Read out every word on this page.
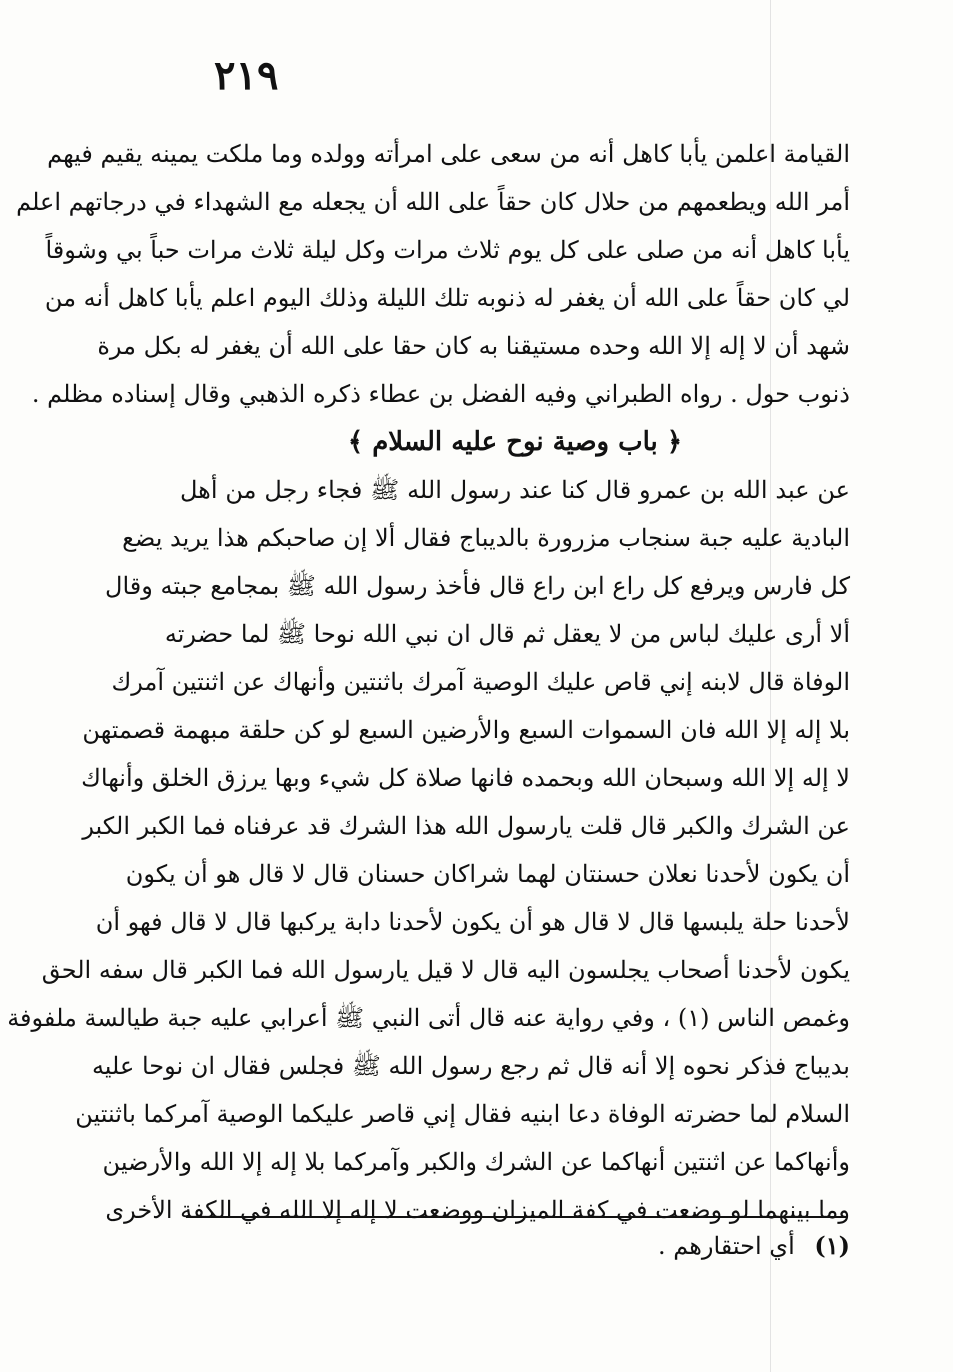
٢١٩
القيامة اعلمن يأبا كاهل أنه من سعى على امرأته وولده وما ملكت يمينه يقيم فيهم
أمر الله ويطعمهم من حلال كان حقاً على الله أن يجعله مع الشهداء في درجاتهم اعلم
يأبا كاهل أنه من صلى على كل يوم ثلاث مرات وكل ليلة ثلاث مرات حباً بي وشوقاً
لي كان حقاً على الله أن يغفر له ذنوبه تلك الليلة وذلك اليوم اعلم يأبا كاهل أنه من
شهد أن لا إله إلا الله وحده مستيقنا به كان حقا على الله أن يغفر له بكل مرة
ذنوب حول . رواه الطبراني وفيه الفضل بن عطاء ذكره الذهبي وقال إسناده مظلم .
﴿ باب وصية نوح عليه السلام ﴾
عن عبد الله بن عمرو قال كنا عند رسول الله ﷺ فجاء رجل من أهل
البادية عليه جبة سنجاب مزرورة بالديباج فقال ألا إن صاحبكم هذا يريد يضع
كل فارس ويرفع كل راع ابن راع قال فأخذ رسول الله ﷺ بمجامع جبته وقال
ألا أرى عليك لباس من لا يعقل ثم قال ان نبي الله نوحا ﷺ لما حضرته
الوفاة قال لابنه إني قاص عليك الوصية آمرك باثنتين وأنهاك عن اثنتين آمرك
بلا إله إلا الله فان السموات السبع والأرضين السبع لو كن حلقة مبهمة قصمتهن
لا إله إلا الله وسبحان الله وبحمده فانها صلاة كل شيء وبها يرزق الخلق وأنهاك
عن الشرك والكبر قال قلت يارسول الله هذا الشرك قد عرفناه فما الكبر الكبر
أن يكون لأحدنا نعلان حسنتان لهما شراكان حسنان قال لا قال هو أن يكون
لأحدنا حلة يلبسها قال لا قال هو أن يكون لأحدنا دابة يركبها قال لا قال فهو أن
يكون لأحدنا أصحاب يجلسون اليه قال لا قيل يارسول الله فما الكبر قال سفه الحق
وغمص الناس (١) ، وفي رواية عنه قال أتى النبي ﷺ أعرابي عليه جبة طيالسة ملفوفة
بديباج فذكر نحوه إلا أنه قال ثم رجع رسول الله ﷺ فجلس فقال ان نوحا عليه
السلام لما حضرته الوفاة دعا ابنيه فقال إني قاصر عليكما الوصية آمركما باثنتين
وأنهاكما عن اثنتين أنهاكما عن الشرك والكبر وآمركما بلا إله إلا الله والأرضين
وما بينهما لو وضعت في كفة الميزان ووضعت لا إله إلا الله في الكفة الأخرى
(١) أي احتقارهم .
